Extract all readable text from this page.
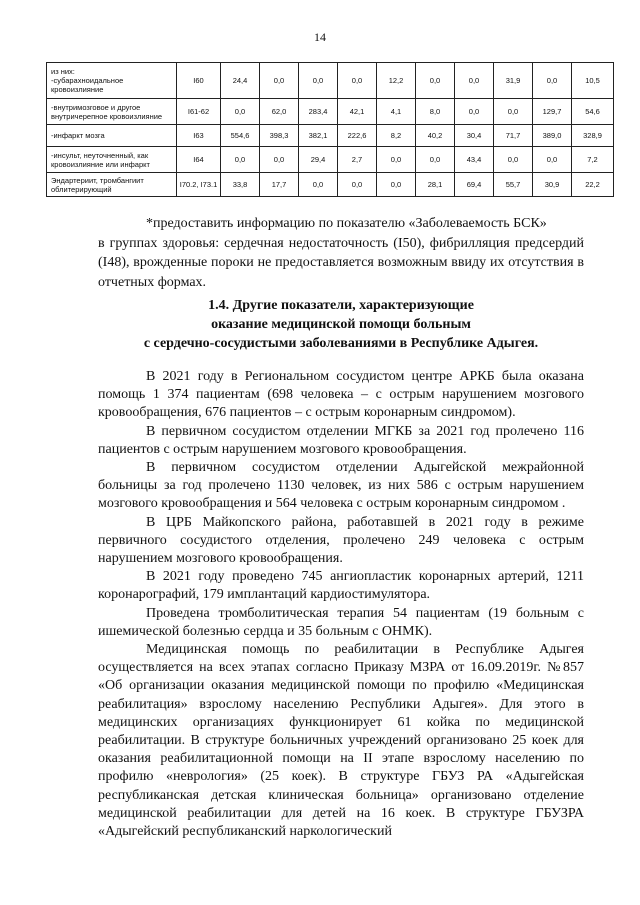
14
из них:
-субарахноидальное кровоизлияние	I60	24,4	0,0	0,0	0,0	12,2	0,0	0,0	31,9	0,0	10,5
-внутримозговое и другое внутричерепное кровоизлияние	I61-62	0,0	62,0	283,4	42,1	4,1	8,0	0,0	0,0	129,7	54,6
-инфаркт мозга	I63	554,6	398,3	382,1	222,6	8,2	40,2	30,4	71,7	389,0	328,9
-инсульт, неуточненный, как кровоизлияние или инфаркт	I64	0,0	0,0	29,4	2,7	0,0	0,0	43,4	0,0	0,0	7,2
Эндартериит, тромбангиит облитерирующий	I70.2, I73.1	33,8	17,7	0,0	0,0	0,0	28,1	69,4	55,7	30,9	22,2
*предоставить информацию по показателю «Заболеваемость БСК»
в группах здоровья: сердечная недостаточность (I50), фибрилляция предсердий (I48), врожденные пороки не предоставляется возможным ввиду их отсутствия в отчетных формах.
1.4. Другие показатели, характеризующие
оказание медицинской помощи больным
с сердечно-сосудистыми заболеваниями в Республике Адыгея.

В 2021 году в Региональном сосудистом центре АРКБ была оказана помощь 1 374 пациентам (698 человека – с острым нарушением мозгового кровообращения, 676 пациентов – с острым коронарным синдромом).

В первичном сосудистом отделении МГКБ за 2021 год пролечено 116 пациентов с острым нарушением мозгового кровообращения.

В первичном сосудистом отделении Адыгейской межрайонной больницы за год пролечено 1130 человек, из них 586 с острым нарушением мозгового кровообращения и 564 человека с острым коронарным синдромом .

В ЦРБ Майкопского района, работавшей в 2021 году в режиме первичного сосудистого отделения, пролечено 249 человека с острым нарушением мозгового кровообращения.

В 2021 году проведено 745 ангиопластик коронарных артерий, 1211 коронарографий, 179 имплантаций кардиостимулятора.

Проведена тромболитическая терапия 54 пациентам (19 больным с ишемической болезнью сердца и 35 больным с ОНМК).

Медицинская помощь по реабилитации в Республике Адыгея осуществляется на всех этапах согласно Приказу МЗРА от 16.09.2019г. №857 «Об организации оказания медицинской помощи по профилю «Медицинская реабилитация» взрослому населению Республики Адыгея». Для этого в медицинских организациях функционирует 61 койка по медицинской реабилитации. В структуре больничных учреждений организовано 25 коек для оказания реабилитационной помощи на II этапе взрослому населению по профилю «неврология» (25 коек). В структуре ГБУЗ РА «Адыгейская республиканская детская клиническая больница» организовано отделение медицинской реабилитации для детей на 16 коек. В структуре ГБУЗРА «Адыгейский республиканский наркологический
